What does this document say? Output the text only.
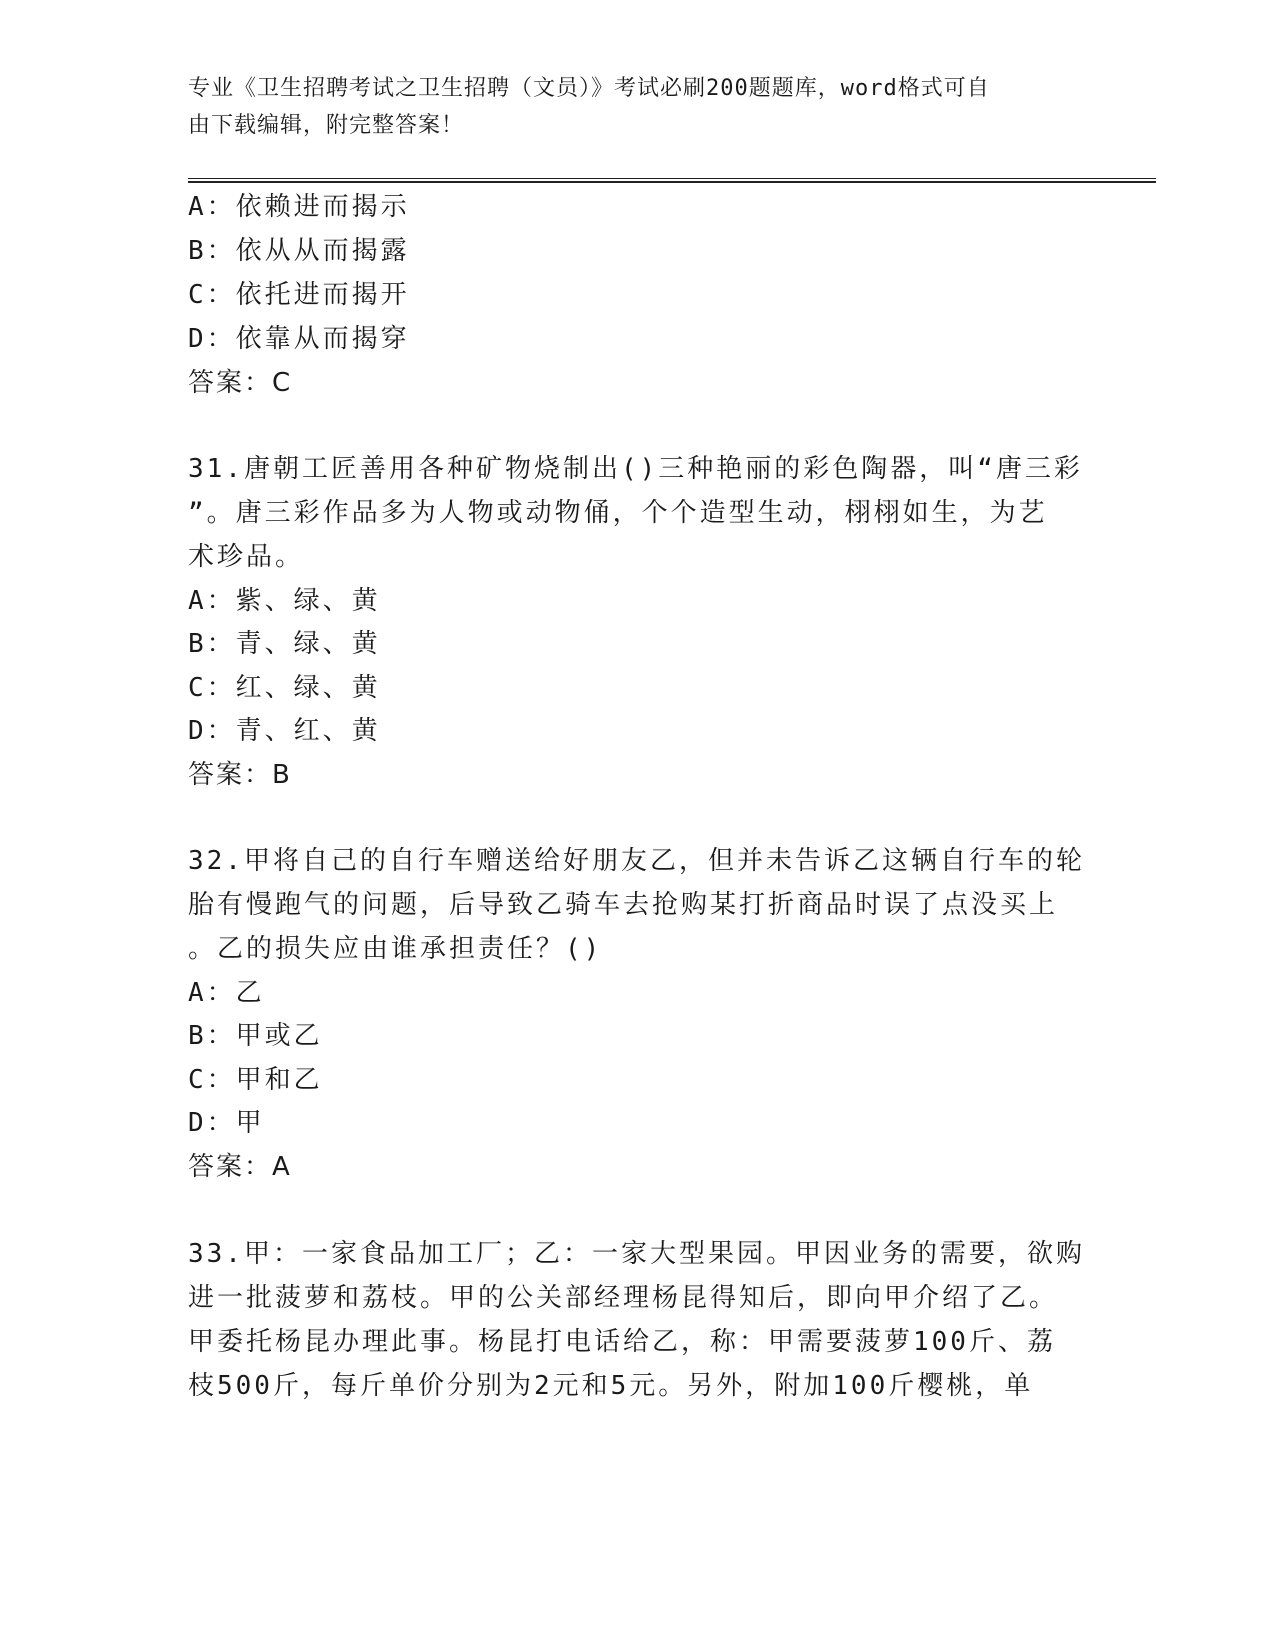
专业《卫生招聘考试之卫生招聘（文员）》考试必刷200题题库，word格式可自
由下载编辑，附完整答案！
A：依赖进而揭示
B：依从从而揭露
C：依托进而揭开
D：依靠从而揭穿
答案：C
31.唐朝工匠善用各种矿物烧制出()三种艳丽的彩色陶器，叫“唐三彩
”。唐三彩作品多为人物或动物俑，个个造型生动，栩栩如生，为艺
术珍品。
A：紫、绿、黄
B：青、绿、黄
C：红、绿、黄
D：青、红、黄
答案：B
32.甲将自己的自行车赠送给好朋友乙，但并未告诉乙这辆自行车的轮
胎有慢跑气的问题，后导致乙骑车去抢购某打折商品时误了点没买上
。乙的损失应由谁承担责任？()
A：乙
B：甲或乙
C：甲和乙
D：甲
答案：A
33.甲：一家食品加工厂；乙：一家大型果园。甲因业务的需要，欲购
进一批菠萝和荔枝。甲的公关部经理杨昆得知后，即向甲介绍了乙。
甲委托杨昆办理此事。杨昆打电话给乙，称：甲需要菠萝100斤、荔
枝500斤，每斤单价分别为2元和5元。另外，附加100斤樱桃，单
